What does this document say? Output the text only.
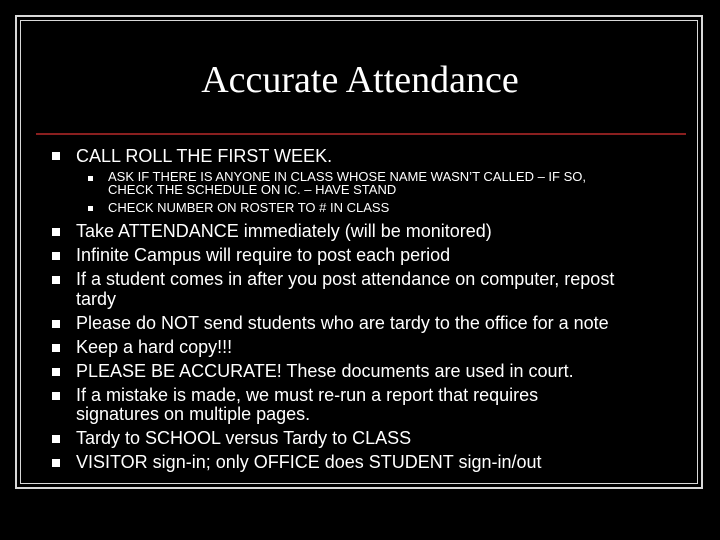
Accurate Attendance
CALL ROLL THE FIRST WEEK.
ASK IF THERE IS ANYONE IN CLASS WHOSE NAME WASN’T CALLED – IF SO,
CHECK THE SCHEDULE ON IC. – HAVE STAND
CHECK NUMBER ON ROSTER TO # IN CLASS
Take ATTENDANCE immediately (will be monitored)
Infinite Campus will require to post each period
If a student comes in after you post attendance on computer, repost
tardy
Please do NOT send students who are tardy to the office for a note
Keep a hard copy!!!
PLEASE BE ACCURATE! These documents are used in court.
If a mistake is made, we must re-run a report that requires
signatures on multiple pages.
Tardy to SCHOOL versus Tardy to CLASS
VISITOR sign-in; only OFFICE does STUDENT sign-in/out
